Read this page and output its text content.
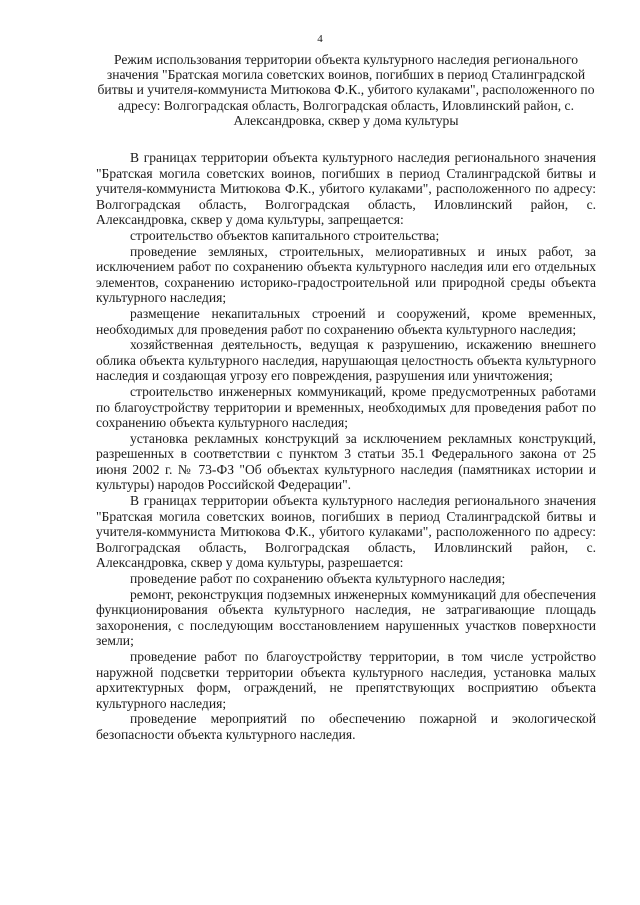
4
Режим использования территории объекта культурного наследия регионального значения "Братская могила советских воинов, погибших в период Сталинградской битвы и учителя-коммуниста Митюкова Ф.К., убитого кулаками", расположенного по адресу: Волгоградская область, Волгоградская область, Иловлинский район, с. Александровка, сквер у дома культуры

В границах территории объекта культурного наследия регионального значения "Братская могила советских воинов, погибших в период Сталинградской битвы и учителя-коммуниста Митюкова Ф.К., убитого кулаками", расположенного по адресу: Волгоградская область, Волгоградская область, Иловлинский район, с. Александровка, сквер у дома культуры, запрещается:

строительство объектов капитального строительства;

проведение земляных, строительных, мелиоративных и иных работ, за исключением работ по сохранению объекта культурного наследия или его отдельных элементов, сохранению историко-градостроительной или природной среды объекта культурного наследия;

размещение некапитальных строений и сооружений, кроме временных, необходимых для проведения работ по сохранению объекта культурного наследия;

хозяйственная деятельность, ведущая к разрушению, искажению внешнего облика объекта культурного наследия, нарушающая целостность объекта культурного наследия и создающая угрозу его повреждения, разрушения или уничтожения;

строительство инженерных коммуникаций, кроме предусмотренных работами по благоустройству территории и временных, необходимых для проведения работ по сохранению объекта культурного наследия;

установка рекламных конструкций за исключением рекламных конструкций, разрешенных в соответствии с пунктом 3 статьи 35.1 Федерального закона от 25 июня 2002 г. № 73-ФЗ "Об объектах культурного наследия (памятниках истории и культуры) народов Российской Федерации".

В границах территории объекта культурного наследия регионального значения "Братская могила советских воинов, погибших в период Сталинградской битвы и учителя-коммуниста Митюкова Ф.К., убитого кулаками", расположенного по адресу: Волгоградская область, Волгоградская область, Иловлинский район, с. Александровка, сквер у дома культуры, разрешается:

проведение работ по сохранению объекта культурного наследия;

ремонт, реконструкция подземных инженерных коммуникаций для обеспечения функционирования объекта культурного наследия, не затрагивающие площадь захоронения, с последующим восстановлением нарушенных участков поверхности земли;

проведение работ по благоустройству территории, в том числе устройство наружной подсветки территории объекта культурного наследия, установка малых архитектурных форм, ограждений, не препятствующих восприятию объекта культурного наследия;

проведение мероприятий по обеспечению пожарной и экологической безопасности объекта культурного наследия.
